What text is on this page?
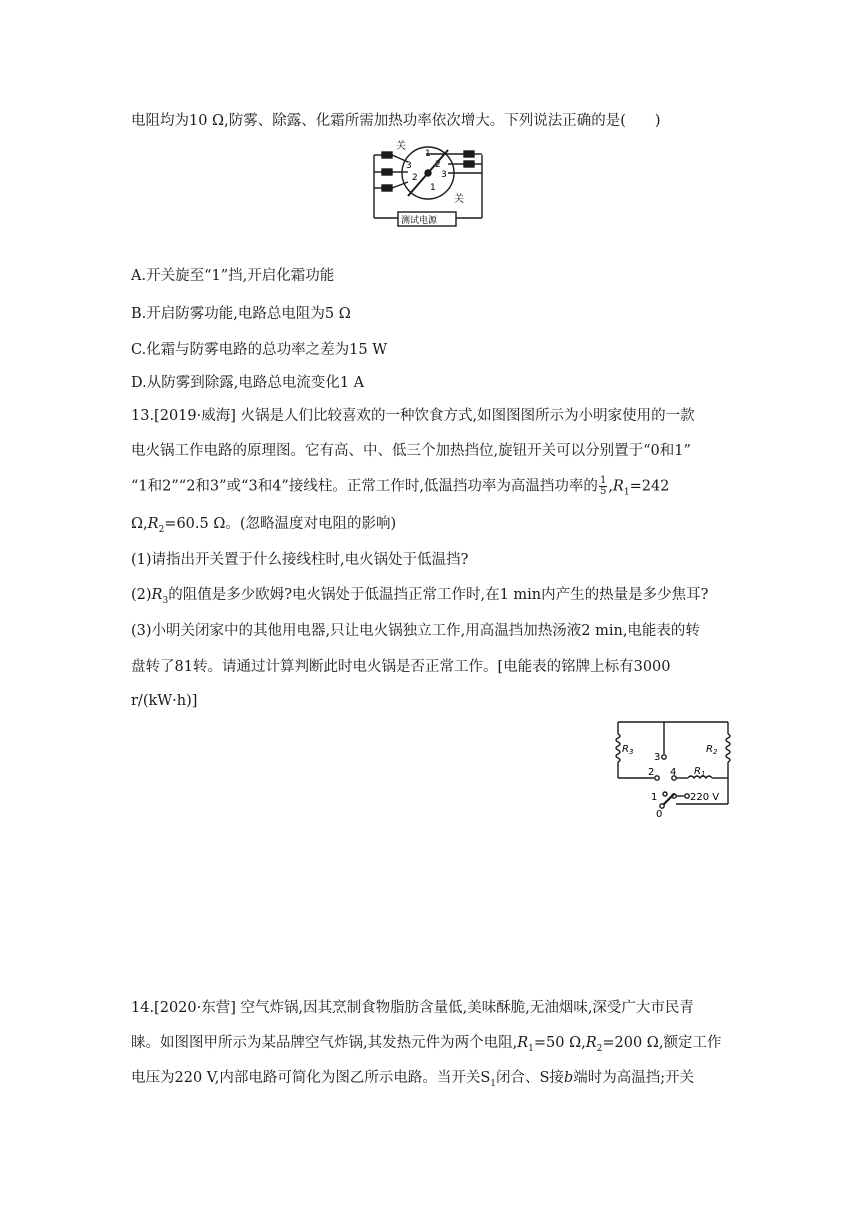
电阻均为10 Ω,防雾、除露、化霜所需加热功率依次增大。下列说法正确的是(　　)
关
关
测试电源
3
2
1
1
2
3
A.开关旋至“1”挡,开启化霜功能
B.开启防雾功能,电路总电阻为5 Ω
C.化霜与防雾电路的总功率之差为15 W
D.从防雾到除露,电路总电流变化1 A
13.[2019·威海] 火锅是人们比较喜欢的一种饮食方式,如图图图所示为小明家使用的一款
电火锅工作电路的原理图。它有高、中、低三个加热挡位,旋钮开关可以分别置于“0和1”
“1和2”“2和3”或“3和4”接线柱。正常工作时,低温挡功率为高温挡功率的 $\frac{1}{5} ,R_1=242$
$\Omega,R_2=60.5$ Ω。(忽略温度对电阻的影响)
(1)请指出开关置于什么接线柱时,电火锅处于低温挡?
$(2)R_3$的阻值是多少欧姆?电火锅处于低温挡正常工作时,在1 min内产生的热量是多少焦耳?
(3)小明关闭家中的其他用电器,只让电火锅独立工作,用高温挡加热汤液2 min,电能表的转
盘转了81转。请通过计算判断此时电火锅是否正常工作。[电能表的铭牌上标有3000
r/(kW·h)]
$R_3$	$R_2$
$R_1$
3
2 4
1
0
220 V
14.[2020·东营] 空气炸锅,因其烹制食物脂肪含量低,美味酥脆,无油烟味,深受广大市民青
睐。如图图甲所示为某品牌空气炸锅,其发热元件为两个电阻$,R_1=50$ $\Omega,R_2=200$ Ω,额定工作
电压为220 V,内部电路可简化为图乙所示电路。当开关$S_1$闭合、S接b端时为高温挡;开关
